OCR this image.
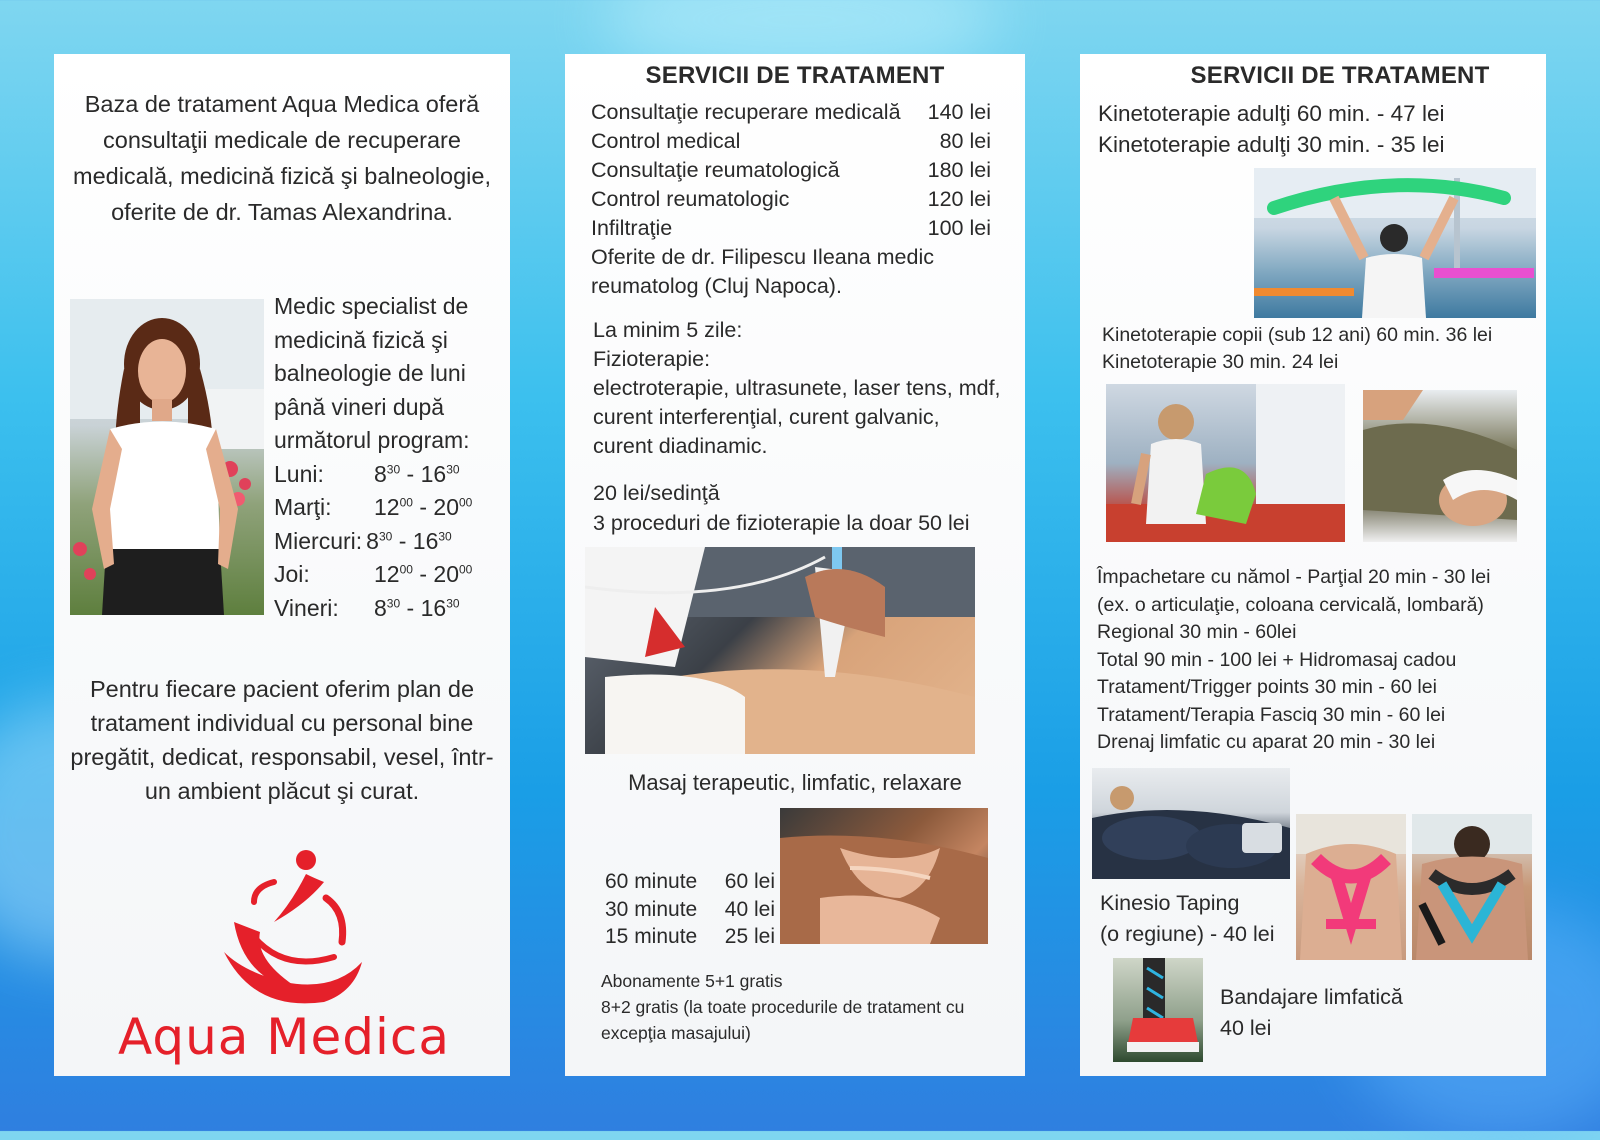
Baza de tratament Aqua Medica oferă consultaţii medicale de recuperare medicală, medicină fizică şi balneologie, oferite de dr. Tamas Alexandrina.
Medic specialist de medicină fizică şi balneologie de luni până vineri după următorul program:
Luni:	$8^{30} - 16^{30}$
Marţi:	$12^{00} - 20^{00}$
Miercuri: $8^{30} - 16^{30}$
Joi:	$12^{00} - 20^{00}$
Vineri:	$8^{30} - 16^{30}$
Pentru fiecare pacient oferim plan de tratament individual cu personal bine pregătit, dedicat, responsabil, vesel, într-un ambient plăcut şi curat.
Aqua Medica
SERVICII DE TRATAMENT
Consultaţie recuperare medicală 140 lei
Control medical	80 lei
Consultaţie reumatologică	180 lei
Control reumatologic	120 lei
Infiltraţie	100 lei
Oferite de dr. Filipescu Ileana medic reumatolog (Cluj Napoca).
La minim 5 zile:
Fizioterapie:
electroterapie, ultrasunete, laser tens, mdf, curent interferenţial, curent galvanic, curent diadinamic.
20 lei/sedinţă
3 proceduri de fizioterapie la doar 50 lei
Masaj terapeutic, limfatic, relaxare
60 minute 60 lei
30 minute 40 lei
15 minute 25 lei
Abonamente 5+1 gratis
8+2 gratis (la toate procedurile de tratament cu excepţia masajului)
SERVICII DE TRATAMENT
Kinetoterapie adulţi 60 min. - 47 lei
Kinetoterapie adulţi 30 min. - 35 lei
Kinetoterapie copii (sub 12 ani) 60 min. 36 lei
Kinetoterapie 30 min. 24 lei
Împachetare cu nămol - Parţial 20 min - 30 lei
(ex. o articulaţie, coloana cervicală, lombară)
Regional 30 min - 60lei
Total 90 min - 100 lei + Hidromasaj cadou
Tratament/Trigger points 30 min - 60 lei
Tratament/Terapia Fasciq 30 min - 60 lei
Drenaj limfatic cu aparat 20 min - 30 lei
Kinesio Taping
(o regiune) - 40 lei
Bandajare limfatică
40 lei
